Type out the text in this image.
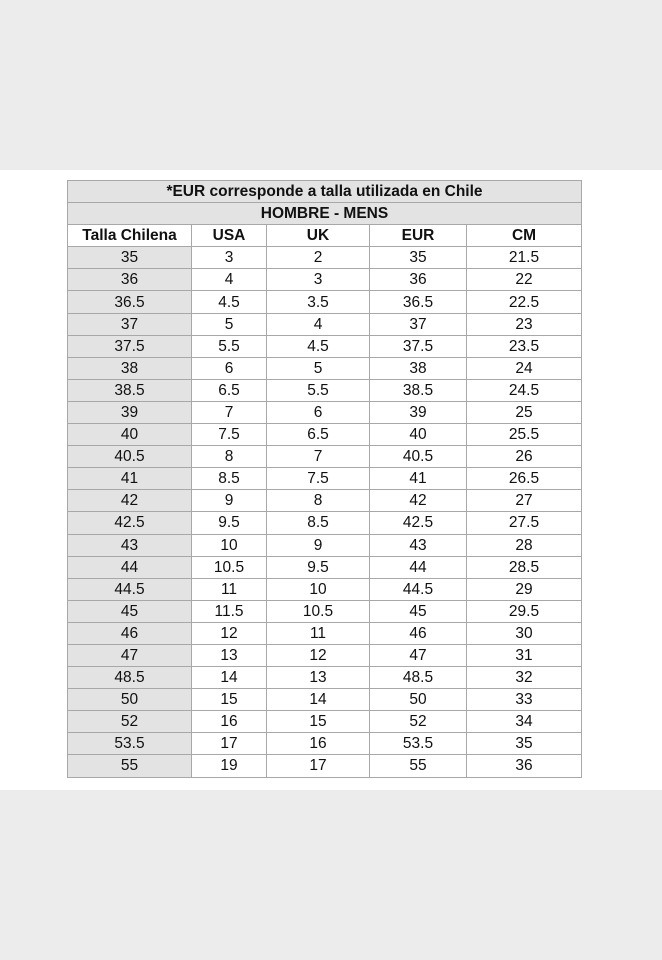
*EUR corresponde a talla utilizada en Chile				
HOMBRE - MENS				
Talla Chilena	USA	UK	EUR	CM
35	3	2	35	21.5
36	4	3	36	22
36.5	4.5	3.5	36.5	22.5
37	5	4	37	23
37.5	5.5	4.5	37.5	23.5
38	6	5	38	24
38.5	6.5	5.5	38.5	24.5
39	7	6	39	25
40	7.5	6.5	40	25.5
40.5	8	7	40.5	26
41	8.5	7.5	41	26.5
42	9	8	42	27
42.5	9.5	8.5	42.5	27.5
43	10	9	43	28
44	10.5	9.5	44	28.5
44.5	11	10	44.5	29
45	11.5	10.5	45	29.5
46	12	11	46	30
47	13	12	47	31
48.5	14	13	48.5	32
50	15	14	50	33
52	16	15	52	34
53.5	17	16	53.5	35
55	19	17	55	36
